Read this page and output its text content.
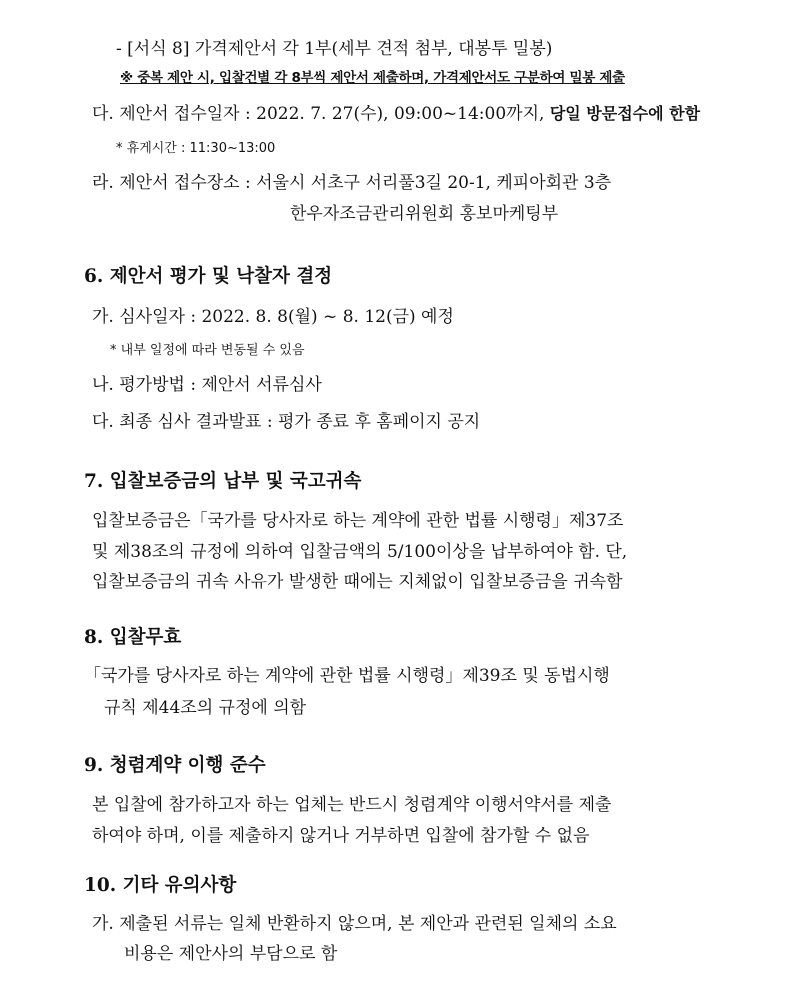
- [서식 8] 가격제안서 각 1부(세부 견적 첨부, 대봉투 밀봉)
※ 중복 제안 시, 입찰건별 각 8부씩 제안서 제출하며, 가격제안서도 구분하여 밀봉 제출
다. 제안서 접수일자 : 2022. 7. 27(수), 09:00~14:00까지, 당일 방문접수에 한함
* 휴게시간 : 11:30~13:00
라. 제안서 접수장소 : 서울시 서초구 서리풀3길 20-1, 케피아회관 3층
한우자조금관리위원회 홍보마케팅부
6. 제안서 평가 및 낙찰자 결정
가. 심사일자 : 2022. 8. 8(월) ~ 8. 12(금) 예정
* 내부 일정에 따라 변동될 수 있음
나. 평가방법 : 제안서 서류심사
다. 최종 심사 결과발표 : 평가 종료 후 홈페이지 공지
7. 입찰보증금의 납부 및 국고귀속
입찰보증금은「국가를 당사자로 하는 계약에 관한 법률 시행령」제37조
및 제38조의 규정에 의하여 입찰금액의 5/100이상을 납부하여야 함. 단,
입찰보증금의 귀속 사유가 발생한 때에는 지체없이 입찰보증금을 귀속함
8. 입찰무효
「국가를 당사자로 하는 계약에 관한 법률 시행령」제39조 및 동법시행
규칙 제44조의 규정에 의함
9. 청렴계약 이행 준수
본 입찰에 참가하고자 하는 업체는 반드시 청렴계약 이행서약서를 제출
하여야 하며, 이를 제출하지 않거나 거부하면 입찰에 참가할 수 없음
10. 기타 유의사항
가. 제출된 서류는 일체 반환하지 않으며, 본 제안과 관련된 일체의 소요
비용은 제안사의 부담으로 함
